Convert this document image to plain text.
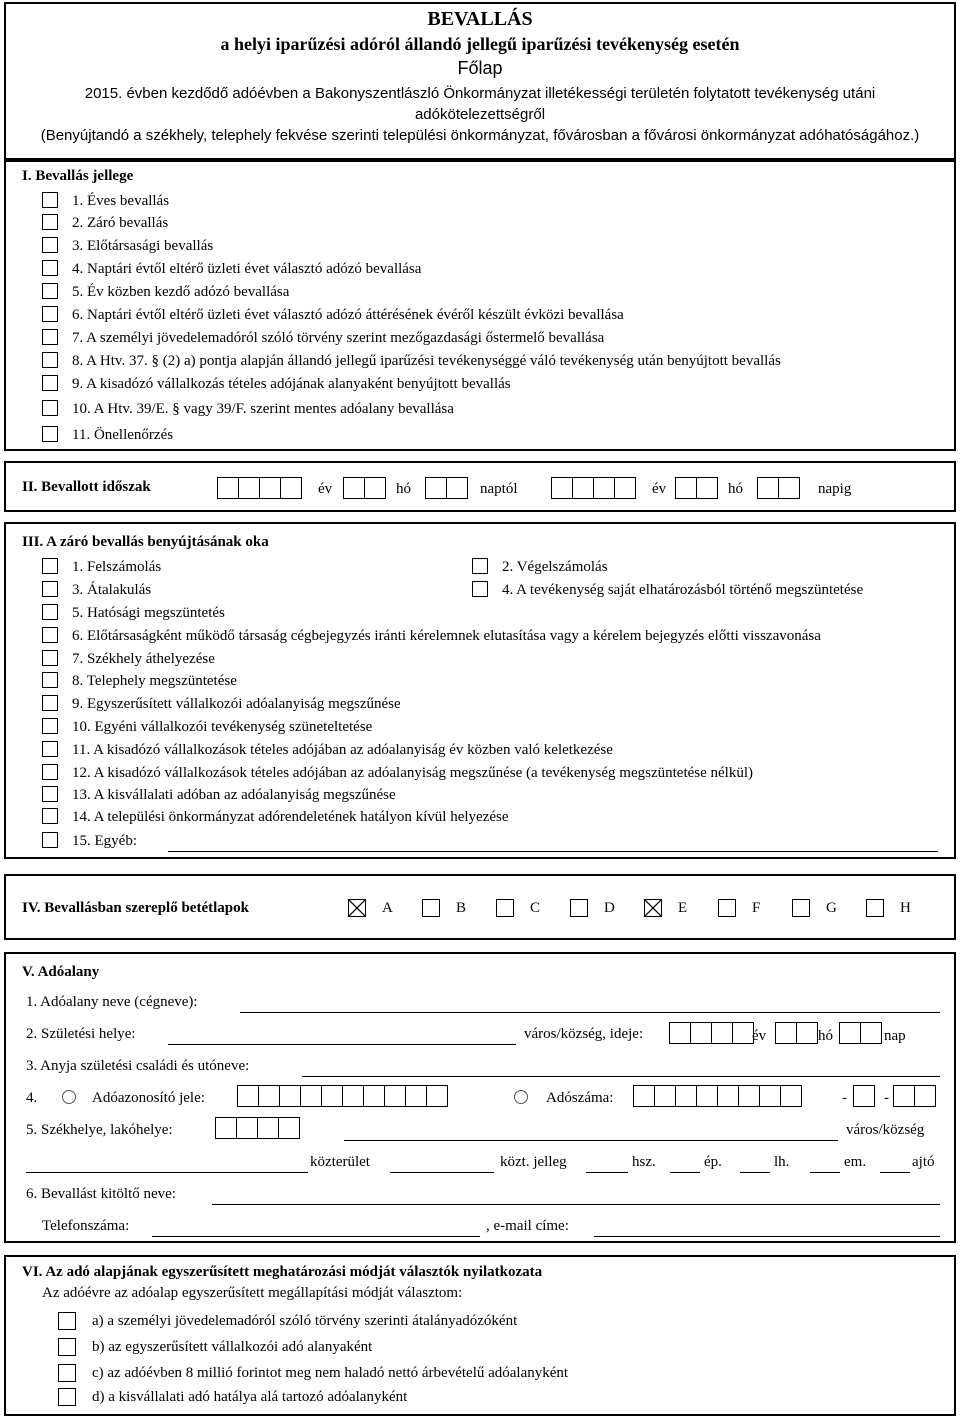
BEVALLÁS
a helyi iparűzési adóról állandó jellegű iparűzési tevékenység esetén
Főlap
2015. évben kezdődő adóévben a Bakonyszentlászló Önkormányzat illetékességi területén folytatott tevékenység utáni
adókötelezettségről
(Benyújtandó a székhely, telephely fekvése szerinti települési önkormányzat, fővárosban a fővárosi önkormányzat adóhatóságához.)
I. Bevallás jellege
1. Éves bevallás
2. Záró bevallás
3. Előtársasági bevallás
4. Naptári évtől eltérő üzleti évet választó adózó bevallása
5. Év közben kezdő adózó bevallása
6. Naptári évtől eltérő üzleti évet választó adózó áttérésének évéről készült évközi bevallása
7. A személyi jövedelemadóról szóló törvény szerint mezőgazdasági őstermelő bevallása
8. A Htv. 37. § (2) a) pontja alapján állandó jellegű iparűzési tevékenységgé váló tevékenység után benyújtott bevallás
9. A kisadózó vállalkozás tételes adójának alanyaként benyújtott bevallás
10. A Htv. 39/E. § vagy 39/F. szerint mentes adóalany bevallása
11. Önellenőrzés
II. Bevallott időszak	év	hó	naptól	év	hó	napig
III. A záró bevallás benyújtásának oka
1. Felszámolás	2. Végelszámolás
3. Átalakulás	4. A tevékenység saját elhatározásból történő megszüntetése
5. Hatósági megszüntetés
6. Előtársaságként működő társaság cégbejegyzés iránti kérelemnek elutasítása vagy a kérelem bejegyzés előtti visszavonása
7. Székhely áthelyezése
8. Telephely megszüntetése
9. Egyszerűsített vállalkozói adóalanyiság megszűnése
10. Egyéni vállalkozói tevékenység szüneteltetése
11. A kisadózó vállalkozások tételes adójában az adóalanyiság év közben való keletkezése
12. A kisadózó vállalkozások tételes adójában az adóalanyiság megszűnése (a tevékenység megszüntetése nélkül)
13. A kisvállalati adóban az adóalanyiság megszűnése
14. A települési önkormányzat adórendeletének hatályon kívül helyezése
15. Egyéb:
IV. Bevallásban szereplő betétlapok	A	B	C	D	E	F	G	H
V. Adóalany
1. Adóalany neve (cégneve):
2. Születési helye:	város/község, ideje:	év	hó	nap
3. Anyja születési családi és utóneve:
4.	Adóazonosító jele:	Adószáma:	- -
5. Székhelye, lakóhelye:	város/község
közterület	közt. jelleg	hsz.	ép.	lh.	em.	ajtó
6. Bevallást kitöltő neve:
Telefonszáma:	, e-mail címe:
VI. Az adó alapjának egyszerűsített meghatározási módját választók nyilatkozata
Az adóévre az adóalap egyszerűsített megállapítási módját választom:
a) a személyi jövedelemadóról szóló törvény szerinti átalányadózóként
b) az egyszerűsített vállalkozói adó alanyaként
c) az adóévben 8 millió forintot meg nem haladó nettó árbevételű adóalanyként
d) a kisvállalati adó hatálya alá tartozó adóalanyként
